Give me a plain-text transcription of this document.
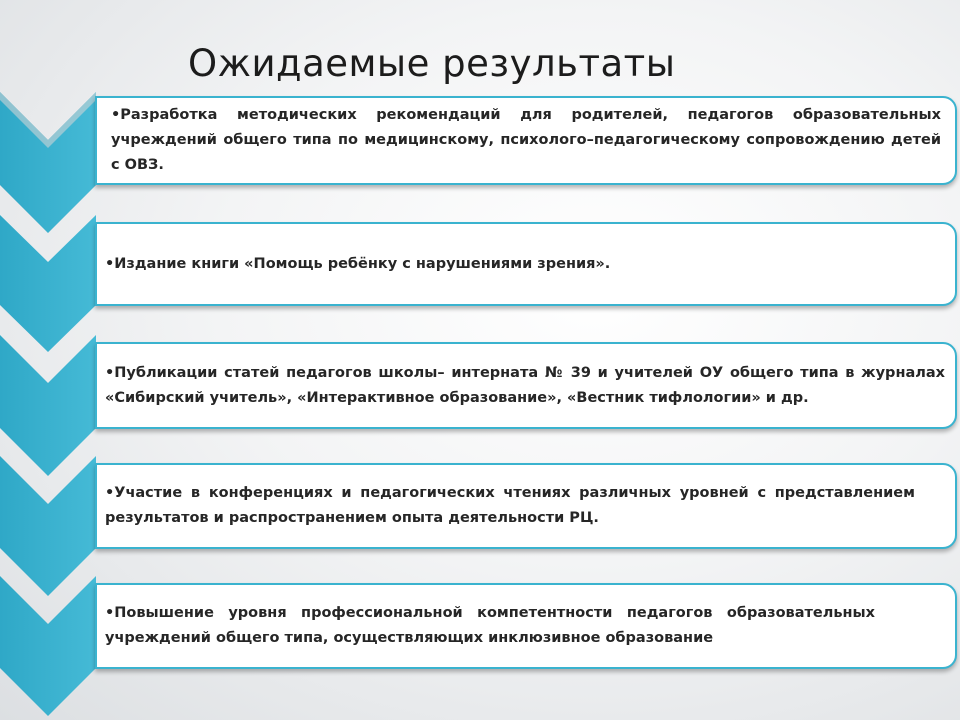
Ожидаемые результаты

•Разработка методических рекомендаций для родителей, педагогов образовательных учреждений общего типа по медицинскому, психолого–педагогическому сопровождению детей с ОВЗ.

•Издание книги «Помощь ребёнку с нарушениями зрения».

•Публикации статей педагогов школы– интерната № 39 и учителей ОУ общего типа в журналах «Сибирский учитель», «Интерактивное образование», «Вестник тифлологии» и др.

•Участие в конференциях и педагогических чтениях различных уровней с представлением результатов и распространением опыта деятельности РЦ.

•Повышение уровня профессиональной компетентности педагогов образовательных учреждений общего типа, осуществляющих инклюзивное образование
